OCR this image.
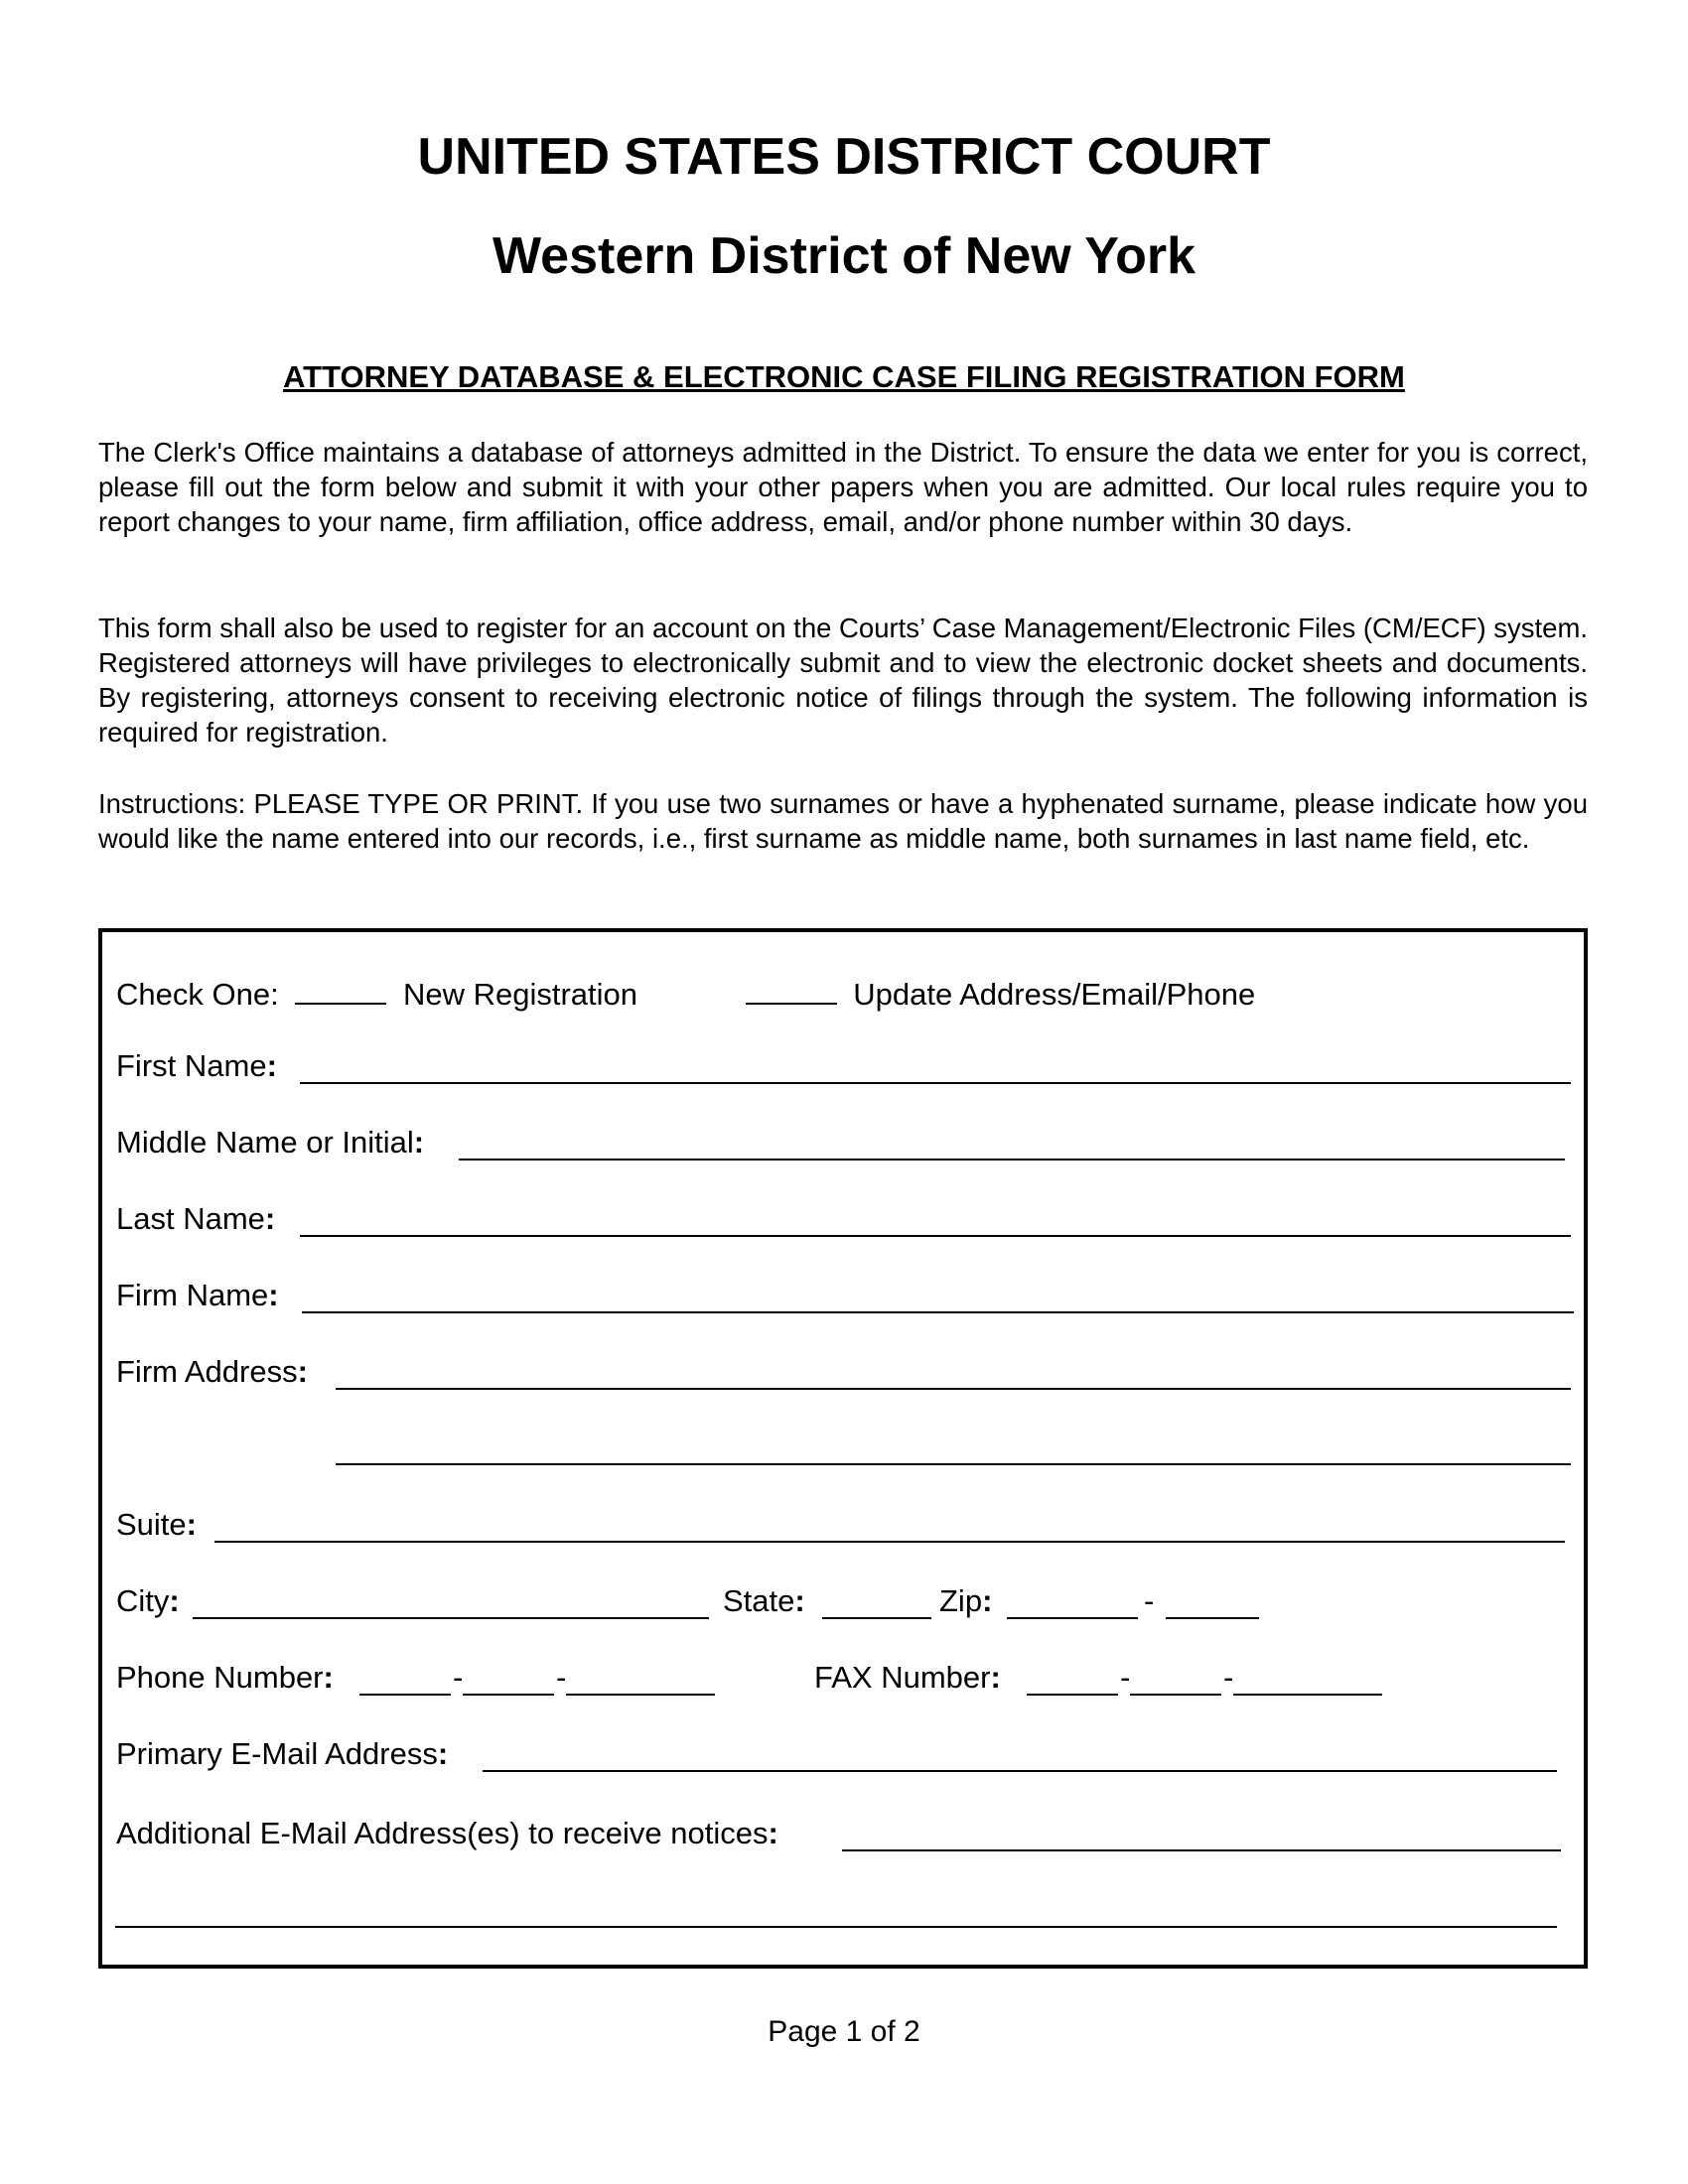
UNITED STATES DISTRICT COURT
Western District of New York
ATTORNEY DATABASE & ELECTRONIC CASE FILING REGISTRATION FORM

The Clerk's Office maintains a database of attorneys admitted in the District. To ensure the data we enter for you is correct, please fill out the form below and submit it with your other papers when you are admitted. Our local rules require you to report changes to your name, firm affiliation, office address, email, and/or phone number within 30 days.

This form shall also be used to register for an account on the Courts’ Case Management/Electronic Files (CM/ECF) system. Registered attorneys will have privileges to electronically submit and to view the electronic docket sheets and documents. By registering, attorneys consent to receiving electronic notice of filings through the system. The following information is required for registration.

Instructions: PLEASE TYPE OR PRINT. If you use two surnames or have a hyphenated surname, please indicate how you would like the name entered into our records, i.e., first surname as middle name, both surnames in last name field, etc.

Check One:	New Registration	Update Address/Email/Phone
First Name:
Middle Name or Initial:
Last Name:
Firm Name:
Firm Address:
Suite:
City:	State:	Zip:	-
Phone Number:	-	-	FAX Number:	-	-
Primary E-Mail Address:
Additional E-Mail Address(es) to receive notices:
Page 1 of 2
